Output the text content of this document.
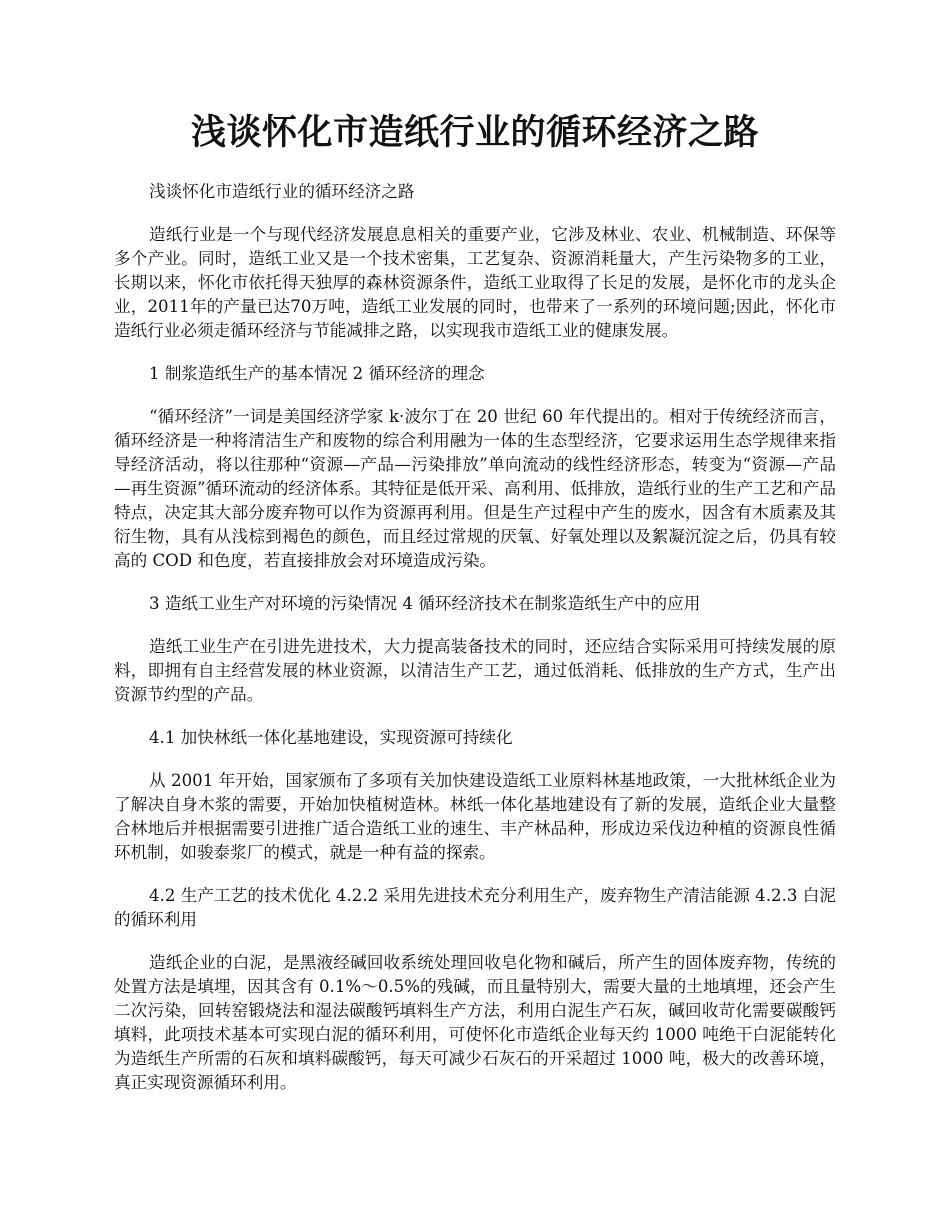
浅谈怀化市造纸行业的循环经济之路

浅谈怀化市造纸行业的循环经济之路

造纸行业是一个与现代经济发展息息相关的重要产业，它涉及林业、农业、机械制造、环保等多个产业。同时，造纸工业又是一个技术密集，工艺复杂、资源消耗量大，产生污染物多的工业，长期以来，怀化市依托得天独厚的森林资源条件，造纸工业取得了长足的发展，是怀化市的龙头企业，2011年的产量已达70万吨，造纸工业发展的同时，也带来了一系列的环境问题;因此，怀化市造纸行业必须走循环经济与节能减排之路，以实现我市造纸工业的健康发展。

1 制浆造纸生产的基本情况 2 循环经济的理念

“循环经济”一词是美国经济学家 k·波尔丁在 20 世纪 60 年代提出的。相对于传统经济而言，循环经济是一种将清洁生产和废物的综合利用融为一体的生态型经济，它要求运用生态学规律来指导经济活动，将以往那种“资源—产品—污染排放”单向流动的线性经济形态，转变为“资源—产品—再生资源”循环流动的经济体系。其特征是低开采、高利用、低排放，造纸行业的生产工艺和产品特点，决定其大部分废弃物可以作为资源再利用。但是生产过程中产生的废水，因含有木质素及其衍生物，具有从浅棕到褐色的颜色，而且经过常规的厌氧、好氧处理以及絮凝沉淀之后，仍具有较高的 COD 和色度，若直接排放会对环境造成污染。

3 造纸工业生产对环境的污染情况 4 循环经济技术在制浆造纸生产中的应用

造纸工业生产在引进先进技术，大力提高装备技术的同时，还应结合实际采用可持续发展的原料，即拥有自主经营发展的林业资源，以清洁生产工艺，通过低消耗、低排放的生产方式，生产出资源节约型的产品。

4.1 加快林纸一体化基地建设，实现资源可持续化

从 2001 年开始，国家颁布了多项有关加快建设造纸工业原料林基地政策，一大批林纸企业为了解决自身木浆的需要，开始加快植树造林。林纸一体化基地建设有了新的发展，造纸企业大量整合林地后并根据需要引进推广适合造纸工业的速生、丰产林品种，形成边采伐边种植的资源良性循环机制，如骏泰浆厂的模式，就是一种有益的探索。

4.2 生产工艺的技术优化 4.2.2 采用先进技术充分利用生产，废弃物生产清洁能源 4.2.3 白泥的循环利用

造纸企业的白泥，是黑液经碱回收系统处理回收皂化物和碱后，所产生的固体废弃物，传统的处置方法是填埋，因其含有 0.1%～0.5%的残碱，而且量特别大，需要大量的土地填埋，还会产生二次污染，回转窑锻烧法和湿法碳酸钙填料生产方法，利用白泥生产石灰，碱回收苛化需要碳酸钙填料，此项技术基本可实现白泥的循环利用，可使怀化市造纸企业每天约 1000 吨绝干白泥能转化为造纸生产所需的石灰和填料碳酸钙，每天可减少石灰石的开采超过 1000 吨，极大的改善环境，真正实现资源循环利用。
